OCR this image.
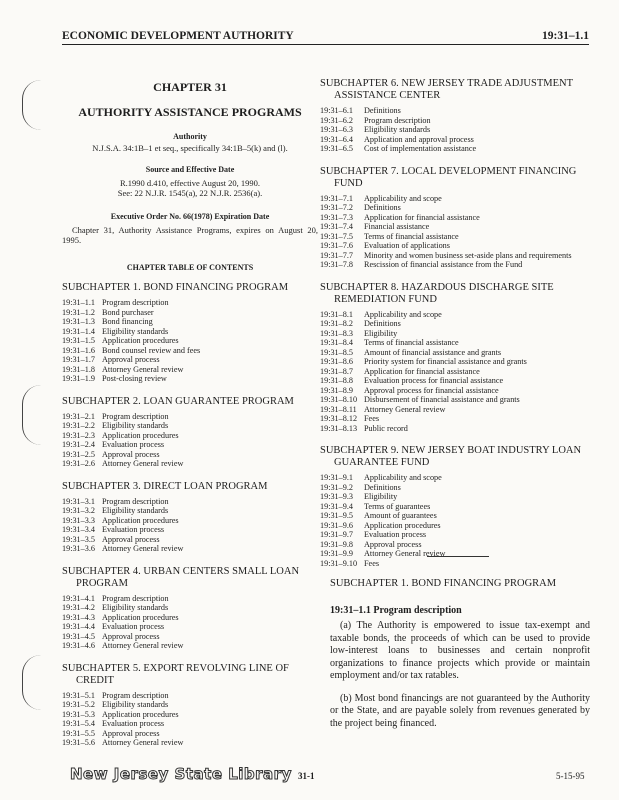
ECONOMIC DEVELOPMENT AUTHORITY	19:31–1.1
CHAPTER 31
AUTHORITY ASSISTANCE PROGRAMS
Authority
N.J.S.A. 34:1B–1 et seq., specifically 34:1B–5(k) and (l).
Source and Effective Date
R.1990 d.410, effective August 20, 1990.
See: 22 N.J.R. 1545(a), 22 N.J.R. 2536(a).
Executive Order No. 66(1978) Expiration Date
Chapter 31, Authority Assistance Programs, expires on August 20, 1995.
CHAPTER TABLE OF CONTENTS
SUBCHAPTER 1. BOND FINANCING PROGRAM
19:31–1.1 Program description
19:31–1.2 Bond purchaser
19:31–1.3 Bond financing
19:31–1.4 Eligibility standards
19:31–1.5 Application procedures
19:31–1.6 Bond counsel review and fees
19:31–1.7 Approval process
19:31–1.8 Attorney General review
19:31–1.9 Post-closing review
SUBCHAPTER 2. LOAN GUARANTEE PROGRAM
19:31–2.1 Program description
19:31–2.2 Eligibility standards
19:31–2.3 Application procedures
19:31–2.4 Evaluation process
19:31–2.5 Approval process
19:31–2.6 Attorney General review
SUBCHAPTER 3. DIRECT LOAN PROGRAM
19:31–3.1 Program description
19:31–3.2 Eligibility standards
19:31–3.3 Application procedures
19:31–3.4 Evaluation process
19:31–3.5 Approval process
19:31–3.6 Attorney General review
SUBCHAPTER 4. URBAN CENTERS SMALL LOAN PROGRAM
19:31–4.1 Program description
19:31–4.2 Eligibility standards
19:31–4.3 Application procedures
19:31–4.4 Evaluation process
19:31–4.5 Approval process
19:31–4.6 Attorney General review
SUBCHAPTER 5. EXPORT REVOLVING LINE OF CREDIT
19:31–5.1 Program description
19:31–5.2 Eligibility standards
19:31–5.3 Application procedures
19:31–5.4 Evaluation process
19:31–5.5 Approval process
19:31–5.6 Attorney General review
SUBCHAPTER 6. NEW JERSEY TRADE ADJUSTMENT ASSISTANCE CENTER
19:31–6.1	Definitions
19:31–6.2	Program description
19:31–6.3	Eligibility standards
19:31–6.4	Application and approval process
19:31–6.5	Cost of implementation assistance
SUBCHAPTER 7. LOCAL DEVELOPMENT FINANCING FUND
19:31–7.1	Applicability and scope
19:31–7.2	Definitions
19:31–7.3	Application for financial assistance
19:31–7.4	Financial assistance
19:31–7.5	Terms of financial assistance
19:31–7.6	Evaluation of applications
19:31–7.7	Minority and women business set-aside plans and requirements
19:31–7.8	Rescission of financial assistance from the Fund
SUBCHAPTER 8. HAZARDOUS DISCHARGE SITE REMEDIATION FUND
19:31–8.1	Applicability and scope
19:31–8.2	Definitions
19:31–8.3	Eligibility
19:31–8.4	Terms of financial assistance
19:31–8.5	Amount of financial assistance and grants
19:31–8.6	Priority system for financial assistance and grants
19:31–8.7	Application for financial assistance
19:31–8.8	Evaluation process for financial assistance
19:31–8.9	Approval process for financial assistance
19:31–8.10 Disbursement of financial assistance and grants
19:31–8.11 Attorney General review
19:31–8.12 Fees
19:31–8.13 Public record
SUBCHAPTER 9. NEW JERSEY BOAT INDUSTRY LOAN GUARANTEE FUND
19:31–9.1	Applicability and scope
19:31–9.2	Definitions
19:31–9.3	Eligibility
19:31–9.4	Terms of guarantees
19:31–9.5	Amount of guarantees
19:31–9.6	Application procedures
19:31–9.7	Evaluation process
19:31–9.8	Approval process
19:31–9.9	Attorney General review
19:31–9.10 Fees
SUBCHAPTER 1. BOND FINANCING PROGRAM
19:31–1.1 Program description
(a) The Authority is empowered to issue tax-exempt and taxable bonds, the proceeds of which can be used to provide low-interest loans to businesses and certain nonprofit organizations to finance projects which provide or maintain employment and/or tax ratables.
(b) Most bond financings are not guaranteed by the Authority or the State, and are payable solely from revenues generated by the project being financed.
New Jersey State Library 31-1	5-15-95
